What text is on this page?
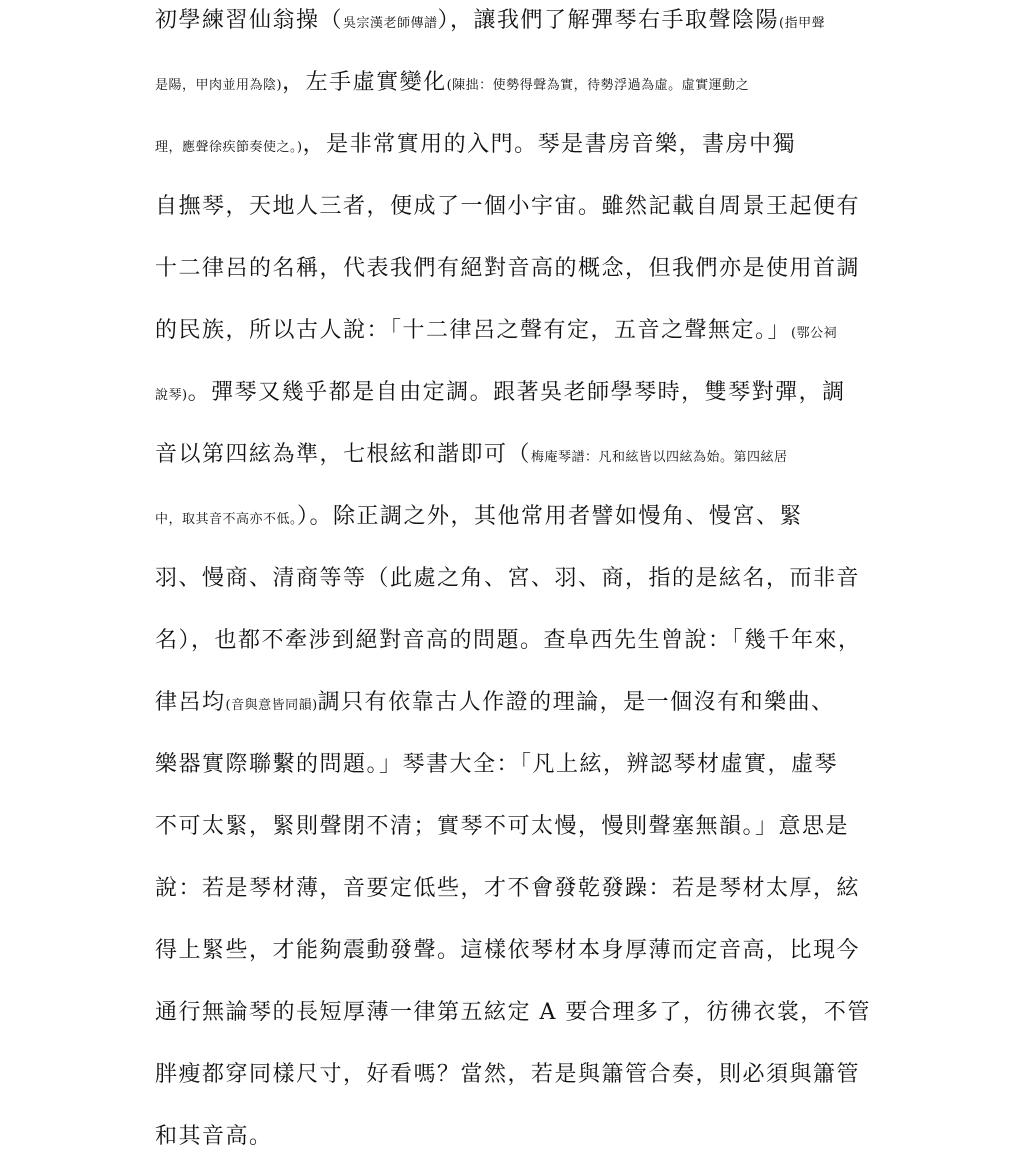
初學練習仙翁操（吳宗漢老師傳譜），讓我們了解彈琴右手取聲陰陽(指甲聲
是陽，甲肉並用為陰)，左手虛實變化(陳拙：使勢得聲為實，待勢浮過為虛。虛實運動之
理，應聲徐疾節奏使之。)，是非常實用的入門。琴是書房音樂，書房中獨
自撫琴，天地人三者，便成了一個小宇宙。雖然記載自周景王起便有
十二律呂的名稱，代表我們有絕對音高的概念，但我們亦是使用首調
的民族，所以古人說：「十二律呂之聲有定，五音之聲無定。」(鄂公祠
說琴)。彈琴又幾乎都是自由定調。跟著吳老師學琴時，雙琴對彈，調
音以第四絃為準，七根絃和諧即可（梅庵琴譜：凡和絃皆以四絃為始。第四絃居
中，取其音不高亦不低。）。除正調之外，其他常用者譬如慢角、慢宮、緊
羽、慢商、清商等等（此處之角、宮、羽、商，指的是絃名，而非音
名），也都不牽涉到絕對音高的問題。查阜西先生曾說：「幾千年來，
律呂均(音與意皆同韻)調只有依靠古人作證的理論，是一個沒有和樂曲、
樂器實際聯繫的問題。」琴書大全：「凡上絃，辨認琴材虛實，虛琴
不可太緊，緊則聲閉不清；實琴不可太慢，慢則聲塞無韻。」意思是
說：若是琴材薄，音要定低些，才不會發乾發躁：若是琴材太厚，絃
得上緊些，才能夠震動發聲。這樣依琴材本身厚薄而定音高，比現今
通行無論琴的長短厚薄一律第五絃定 A 要合理多了，彷彿衣裳，不管
胖瘦都穿同樣尺寸，好看嗎？當然，若是與簫管合奏，則必須與簫管
和其音高。
